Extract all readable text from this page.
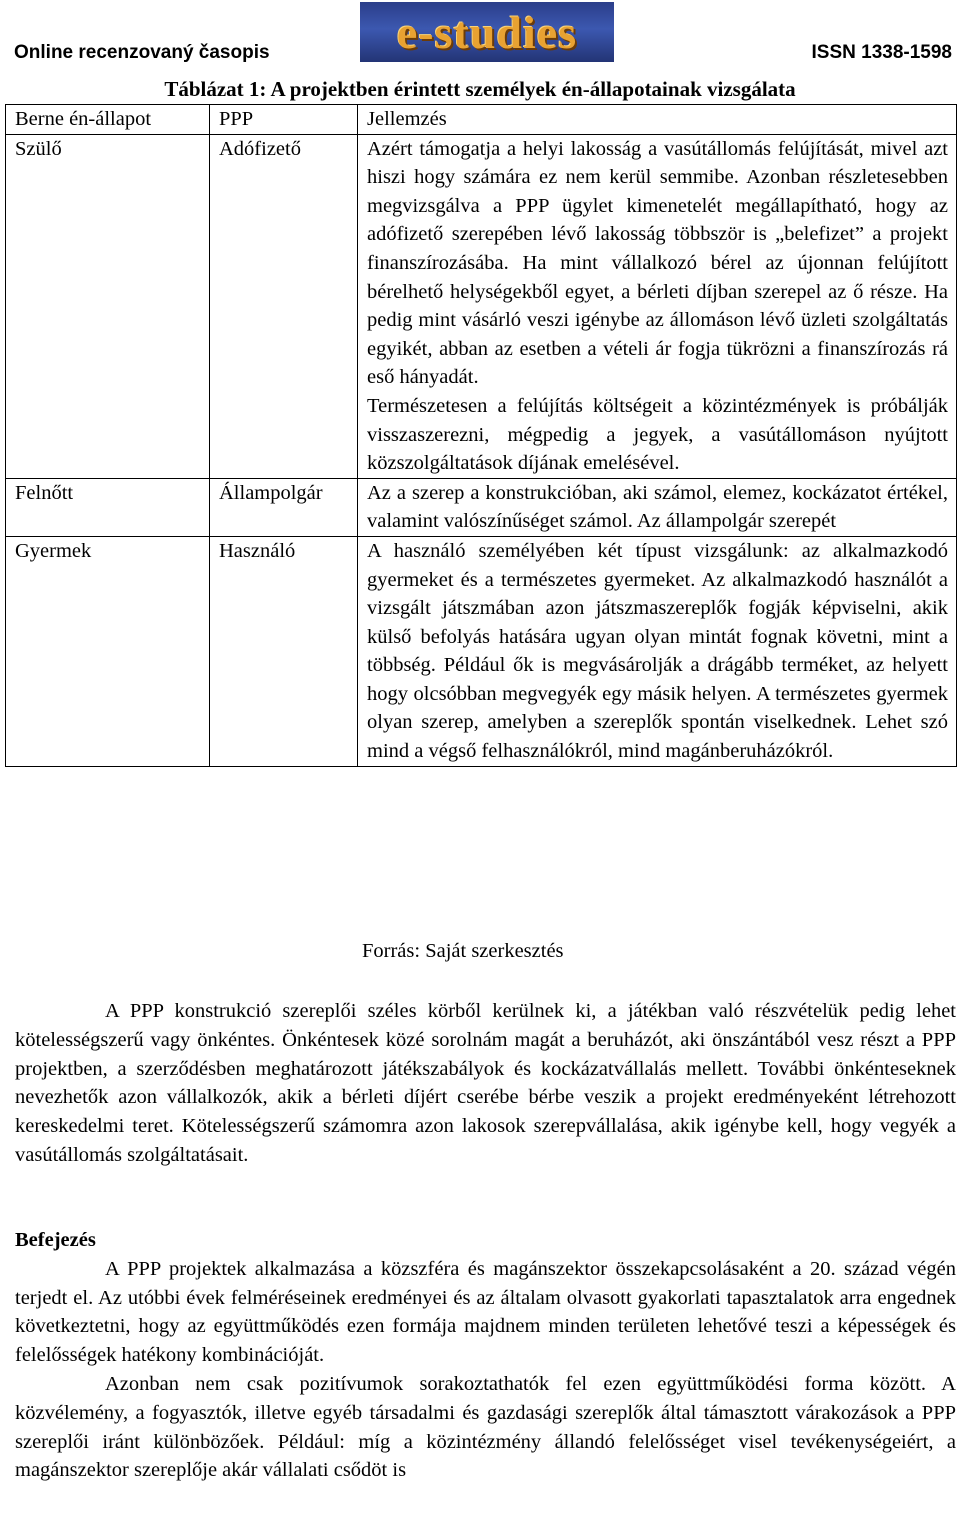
Online recenzovaný časopis	e-studies	ISSN 1338-1598
Táblázat 1: A projektben érintett személyek én-állapotainak vizsgálata
Berne én-állapot	PPP	Jellemzés
Szülő	Adófizető	Azért támogatja a helyi lakosság a vasútállomás felújítását, mivel azt hiszi hogy számára ez nem kerül semmibe. Azonban részletesebben megvizsgálva a PPP ügylet kimenetelét megállapítható, hogy az adófizető szerepében lévő lakosság többször is „belefizet” a projekt finanszírozásába. Ha mint vállalkozó bérel az újonnan felújított bérelhető helységekből egyet, a bérleti díjban szerepel az ő része. Ha pedig mint vásárló veszi igénybe az állomáson lévő üzleti szolgáltatás egyikét, abban az esetben a vételi ár fogja tükrözni a finanszírozás rá eső hányadát.

Természetesen a felújítás költségeit a közintézmények is próbálják visszaszerezni, mégpedig a jegyek, a vasútállomáson nyújtott közszolgáltatások díjának emelésével.

Felnőtt	Állampolgár	Az a szerep a konstrukcióban, aki számol, elemez, kockázatot értékel, valamint valószínűséget számol. Az állampolgár szerepét

Gyermek	Használó	A használó személyében két típust vizsgálunk: az alkalmazkodó gyermeket és a természetes gyermeket. Az alkalmazkodó használót a vizsgált játszmában azon játszmaszereplők fogják képviselni, akik külső befolyás hatására ugyan olyan mintát fognak követni, mint a többség. Például ők is megvásárolják a drágább terméket, az helyett hogy olcsóbban megvegyék egy másik helyen. A természetes gyermek olyan szerep, amelyben a szereplők spontán viselkednek. Lehet szó mind a végső felhasználókról, mind magánberuházókról.

Forrás: Saját szerkesztés

A PPP konstrukció szereplői széles körből kerülnek ki, a játékban való részvételük pedig lehet kötelességszerű vagy önkéntes. Önkéntesek közé sorolnám magát a beruházót, aki önszántából vesz részt a PPP projektben, a szerződésben meghatározott játékszabályok és kockázatvállalás mellett. További önkénteseknek nevezhetők azon vállalkozók, akik a bérleti díjért cserébe bérbe veszik a projekt eredményeként létrehozott kereskedelmi teret. Kötelességszerű számomra azon lakosok szerepvállalása, akik igénybe kell, hogy vegyék a vasútállomás szolgáltatásait.

Befejezés

A PPP projektek alkalmazása a közszféra és magánszektor összekapcsolásaként a 20. század végén terjedt el. Az utóbbi évek felméréseinek eredményei és az általam olvasott gyakorlati tapasztalatok arra engednek következtetni, hogy az együttműködés ezen formája majdnem minden területen lehetővé teszi a képességek és felelősségek hatékony kombinációját.

Azonban nem csak pozitívumok sorakoztathatók fel ezen együttműködési forma között. A közvélemény, a fogyasztók, illetve egyéb társadalmi és gazdasági szereplők által támasztott várakozások a PPP szereplői iránt különbözőek. Például: míg a közintézmény állandó felelősséget visel tevékenységeiért, a magánszektor szereplője akár vállalati csődöt is
